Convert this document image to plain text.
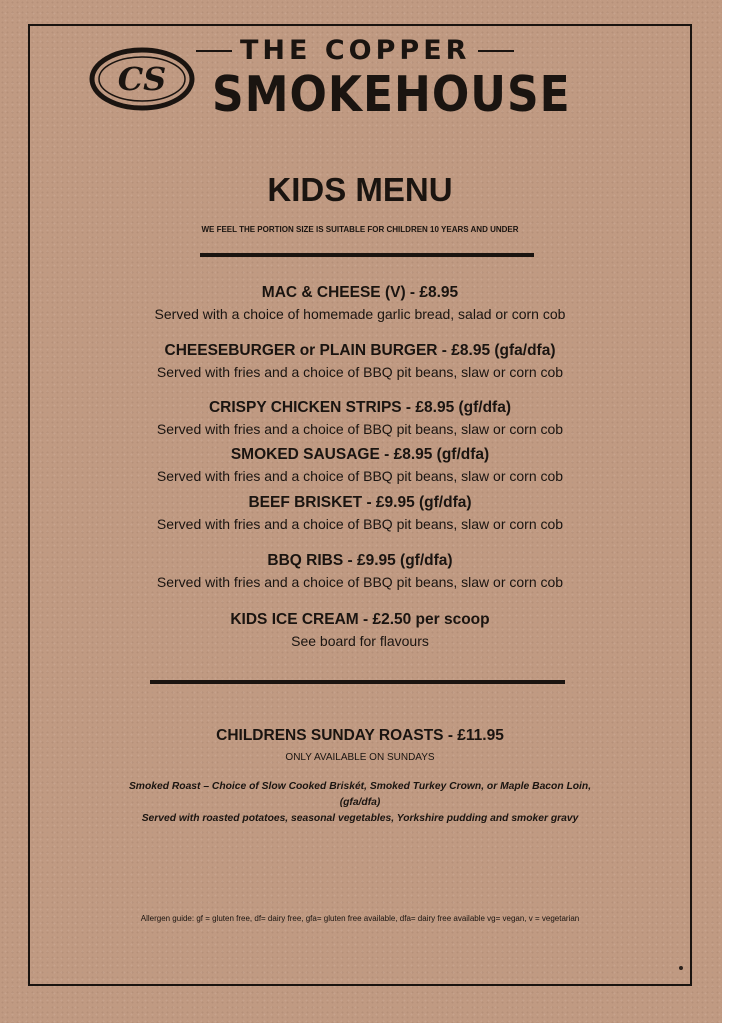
CS
THE COPPER
SMOKEHOUSE
KIDS MENU
WE FEEL THE PORTION SIZE IS SUITABLE FOR CHILDREN 10 YEARS AND UNDER
MAC & CHEESE (V) - £8.95
Served with a choice of homemade garlic bread, salad or corn cob
CHEESEBURGER or PLAIN BURGER - £8.95 (gfa/dfa)
Served with fries and a choice of BBQ pit beans, slaw or corn cob
CRISPY CHICKEN STRIPS - £8.95 (gf/dfa)
Served with fries and a choice of BBQ pit beans, slaw or corn cob
SMOKED SAUSAGE - £8.95 (gf/dfa)
Served with fries and a choice of BBQ pit beans, slaw or corn cob
BEEF BRISKET - £9.95 (gf/dfa)
Served with fries and a choice of BBQ pit beans, slaw or corn cob
BBQ RIBS - £9.95 (gf/dfa)
Served with fries and a choice of BBQ pit beans, slaw or corn cob
KIDS ICE CREAM - £2.50 per scoop
See board for flavours
CHILDRENS SUNDAY ROASTS - £11.95
ONLY AVAILABLE ON SUNDAYS
Smoked Roast – Choice of Slow Cooked Briskét, Smoked Turkey Crown, or Maple Bacon Loin,
(gfa/dfa)
Served with roasted potatoes, seasonal vegetables, Yorkshire pudding and smoker gravy
Allergen guide: gf = gluten free, df= dairy free, gfa= gluten free available, dfa= dairy free available vg= vegan, v = vegetarian
